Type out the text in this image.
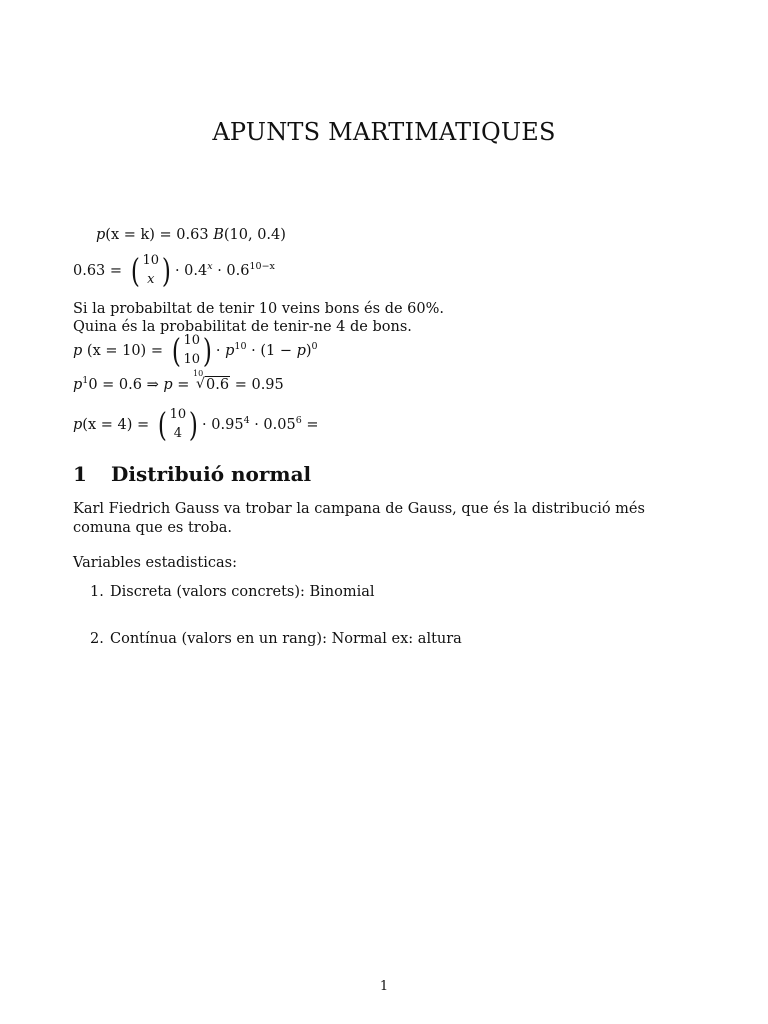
APUNTS MARTIMATIQUES
p(x = k) = 0.63 B(10, 0.4)
0.63 = ( 10
x ) · $0.4^x \cdot 0.6^{10-x}$
Si la probabiltat de tenir 10 veins bons és de 60%.
Quina és la probabilitat de tenir-ne 4 de bons.
p (x = 10) = ( 10
10 ) · $p^{10} \cdot (1 - p)^0$
$p^10 = 0.6$ ⇒ p =
10
√ 0.6 = 0.95
p(x = 4) = ( 10
4 ) · $0.95^4 \cdot 0.05^6$ =
1 Distribuió normal
Karl Fiedrich Gauss va trobar la campana de Gauss, que és la distribució més comuna que es troba.
Variables estadisticas:
1. Discreta (valors concrets): Binomial
2. Contínua (valors en un rang): Normal ex: altura
1
